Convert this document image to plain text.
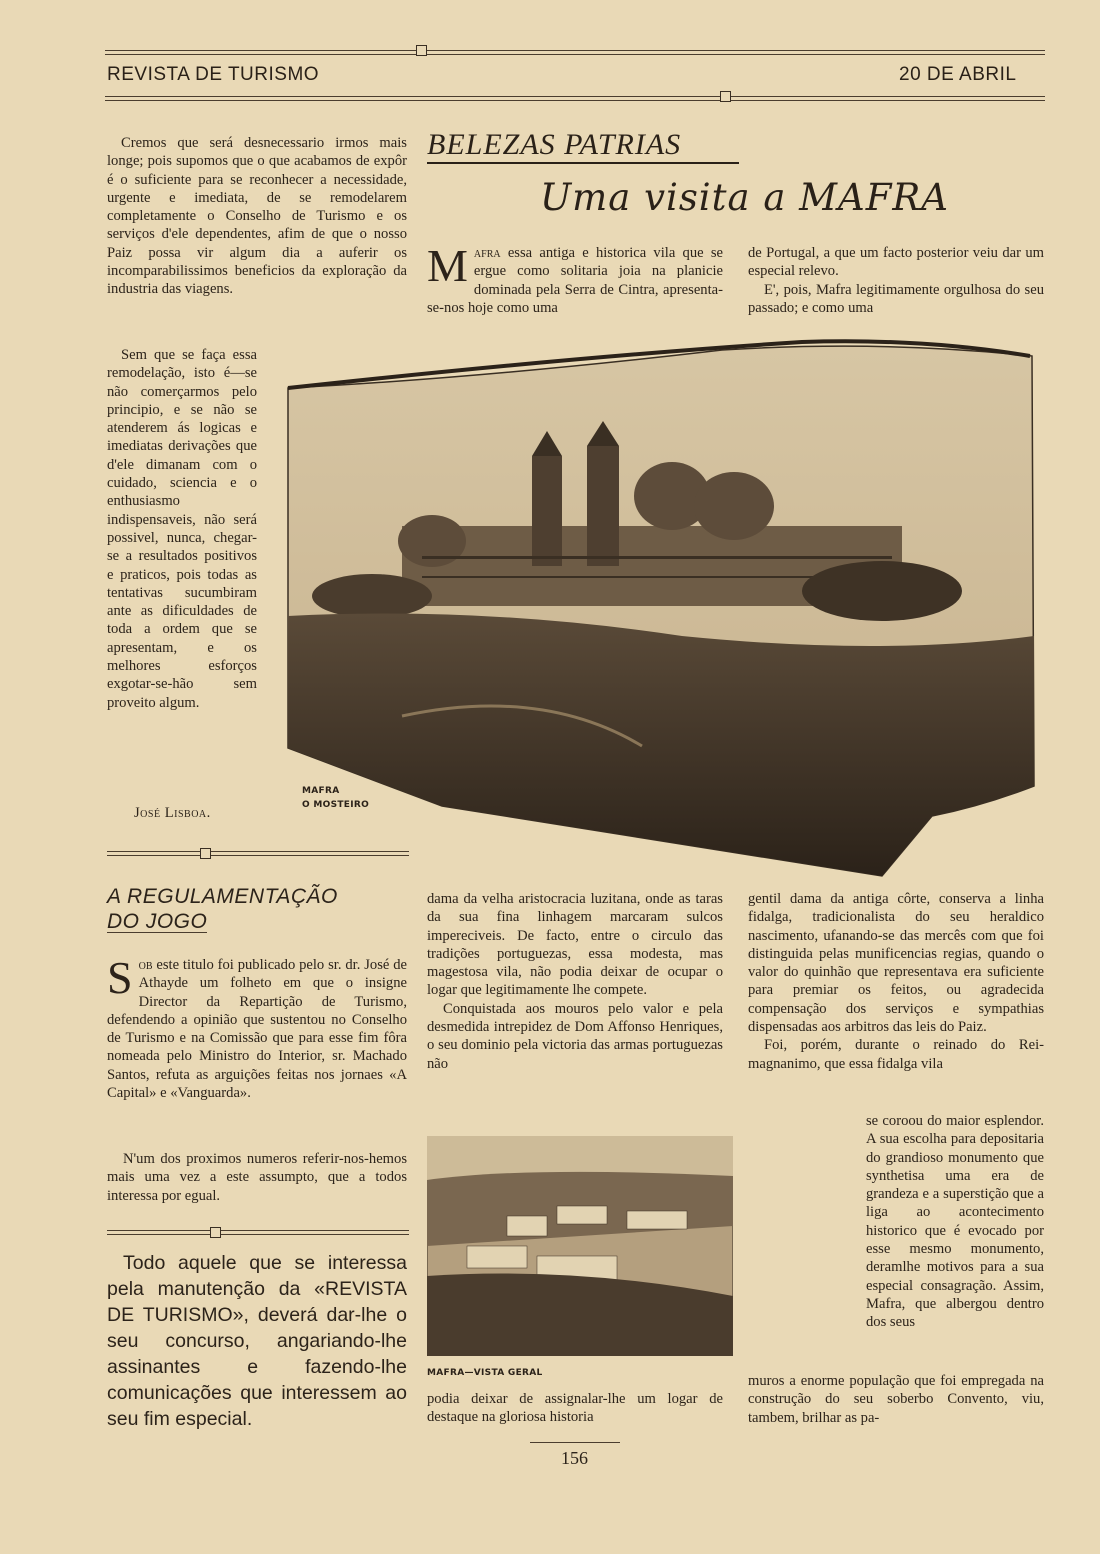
REVISTA DE TURISMO	20 DE ABRIL
Cremos que será desnecessario irmos mais longe; pois supomos que o que acabamos de expôr é o suficiente para se reconhecer a necessidade, urgente e imediata, de se remodelarem completamente o Conselho de Turismo e os serviços d'ele dependentes, afim de que o nosso Paiz possa vir algum dia a auferir os incomparabilissimos beneficios da exploração da industria das viagens.
Sem que se faça essa remodelação, isto é—se não comerçarmos pelo principio, e se não se atenderem ás logicas e imediatas derivações que d'ele dimanam com o cuidado, sciencia e o enthusiasmo indispensaveis, não será possivel, nunca, chegar-se a resultados positivos e praticos, pois todas as tentativas sucumbiram ante as dificuldades de toda a ordem que se apresentam, e os melhores esforços exgotar-se-hão sem proveito algum.
José Lisboa.
BELEZAS PATRIAS
Uma visita a MAFRA
Mafra essa antiga e historica vila que se ergue como solitaria joia na planicie dominada pela Serra de Cintra, apresenta-se-nos hoje como uma
de Portugal, a que um facto posterior veiu dar um especial relevo.
E', pois, Mafra legitimamente orgulhosa do seu passado; e como uma
MAFRA
O MOSTEIRO
A REGULAMENTAÇÃO
DO JOGO
Sob este titulo foi publicado pelo sr. dr. José de Athayde um folheto em que o insigne Director da Repartição de Turismo, defendendo a opinião que sustentou no Conselho de Turismo e na Comissão que para esse fim fôra nomeada pelo Ministro do Interior, sr. Machado Santos, refuta as arguições feitas nos jornaes «A Capital» e «Vanguarda».

N'um dos proximos numeros referir-nos-hemos mais uma vez a este assumpto, que a todos interessa por egual.

Todo aquele que se interessa pela manutenção da «REVISTA DE TURISMO», deverá dar-lhe o seu concurso, angariando-lhe assinantes e fazendo-lhe comunicações que interessem ao seu fim especial.
dama da velha aristocracia luzitana, onde as taras da sua fina linhagem marcaram sulcos impereciveis. De facto, entre o circulo das tradições portuguezas, essa modesta, mas magestosa vila, não podia deixar de ocupar o logar que legitimamente lhe compete.
Conquistada aos mouros pelo valor e pela desmedida intrepidez de Dom Affonso Henriques, o seu dominio pela victoria das armas portuguezas não
MAFRA—VISTA GERAL
podia deixar de assignalar-lhe um logar de destaque na gloriosa historia
gentil dama da antiga côrte, conserva a linha fidalga, tradicionalista do seu heraldico nascimento, ufanando-se das mercês com que foi distinguida pelas munificencias regias, quando o valor do quinhão que representava era suficiente para premiar os feitos, ou agradecida compensação dos serviços e sympathias dispensadas aos arbitros das leis do Paiz.
Foi, porém, durante o reinado do Rei-magnanimo, que essa fidalga vila
se coroou do maior esplendor. A sua escolha para depositaria do grandioso monumento que synthetisa uma era de grandeza e a superstição que a liga ao acontecimento historico que é evocado por esse mesmo monumento, deramlhe motivos para a sua especial consagração. Assim, Mafra, que albergou dentro dos seus
muros a enorme população que foi empregada na construção do seu soberbo Convento, viu, tambem, brilhar as pa-
156
